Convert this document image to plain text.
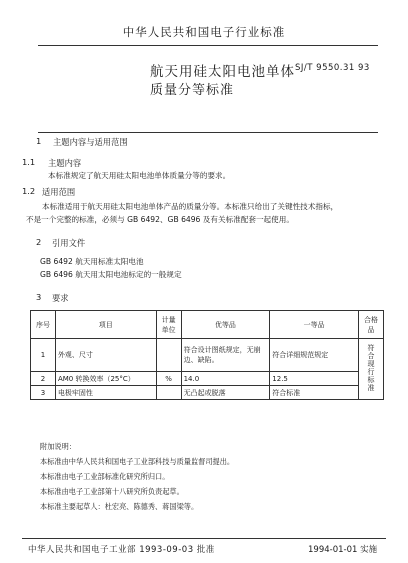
中华人民共和国电子行业标准
航天用硅太阳电池单体
质量分等标准
SJ/T 9550.31 93
1 主题内容与适用范围
1.1 主题内容
本标准规定了航天用硅太阳电池单体质量分等的要求。
1.2 适用范围
本标准适用于航天用硅太阳电池单体产品的质量分等。本标准只给出了关键性技术指标，
不是一个完整的标准，必须与 GB 6492、GB 6496 及有关标准配套一起使用。
2 引用文件
GB 6492 航天用标准太阳电池
GB 6496 航天用太阳电池标定的一般规定
3 要求
序号	项目	计量单位	优等品	一等品	合格品
1	外观、尺寸		符合设计图纸规定，无崩边、缺陷。	符合详细规范规定	符合现行标准
2	AM0 转换效率（25°C）	%	14.0	12.5	
3	电极牢固性		无凸起或脱落	符合标准	
附加说明：
本标准由中华人民共和国电子工业部科技与质量监督司提出。
本标准由电子工业部标准化研究所归口。
本标准由电子工业部第十八研究所负责起草。
本标准主要起草人：杜宏亮、陈德秀、蒋国梁等。
中华人民共和国电子工业部 1993-09-03 批准	1994-01-01 实施
